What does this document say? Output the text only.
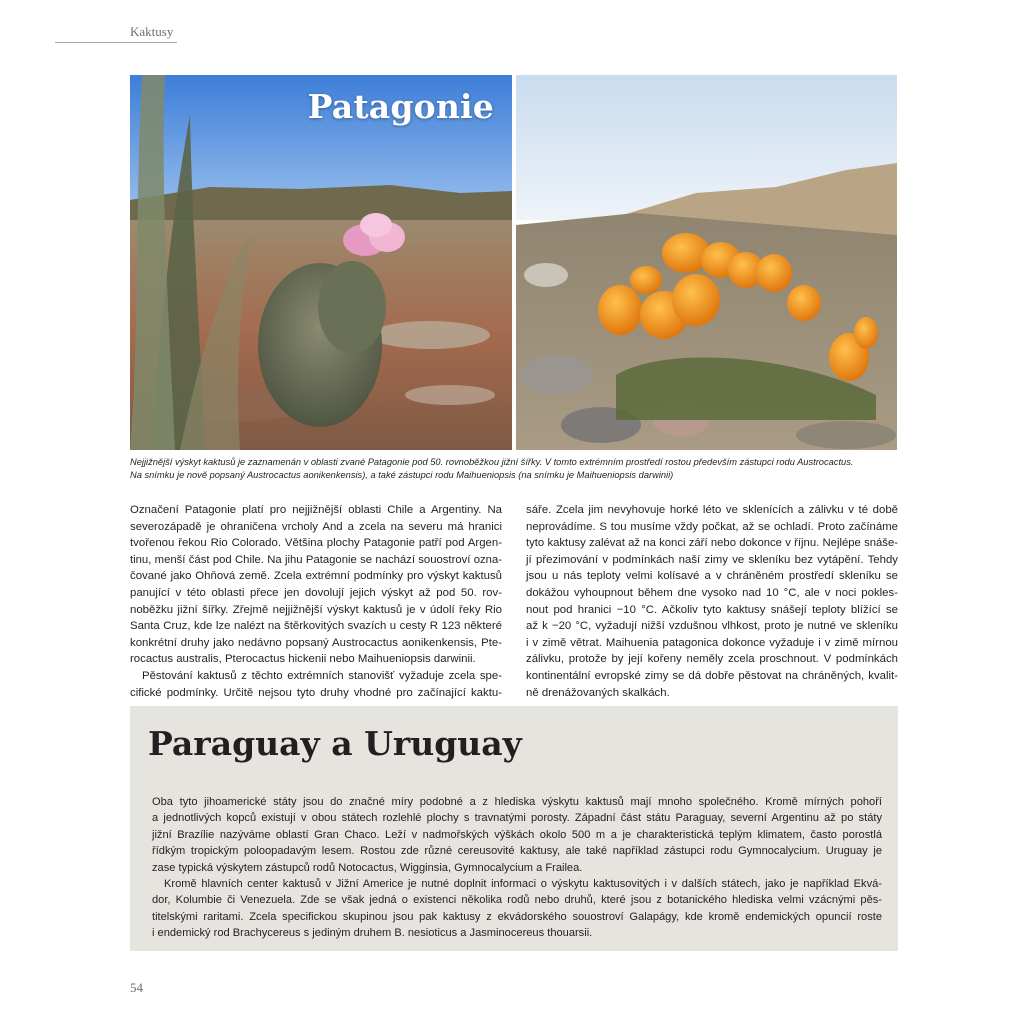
Kaktusy
Patagonie
Nejjižnější výskyt kaktusů je zaznamenán v oblasti zvané Patagonie pod 50. rovnoběžkou jižní šířky. V tomto extrémním prostředí rostou především zástupci rodu Austrocactus.
Na snímku je nově popsaný Austrocactus aonikenkensis), a také zástupci rodu Maihueniopsis (na snímku je Maihueniopsis darwinii)
Označení Patagonie platí pro nejjižnější oblasti Chile a Argentiny. Na
severozápadě je ohraničena vrcholy And a zcela na severu má hranici
tvořenou řekou Rio Colorado. Většina plochy Patagonie patří pod Argen-
tinu, menší část pod Chile. Na jihu Patagonie se nachází souostroví ozna-
čované jako Ohňová země. Zcela extrémní podmínky pro výskyt kaktusů
panující v této oblasti přece jen dovolují jejich výskyt až pod 50. rov-
noběžku jižní šířky. Zřejmě nejjižnější výskyt kaktusů je v údolí řeky Rio
Santa Cruz, kde lze nalézt na štěrkovitých svazích u cesty R 123 některé
konkrétní druhy jako nedávno popsaný Austrocactus aonikenkensis, Pte-
rocactus australis, Pterocactus hickenii nebo Maihueniopsis darwinii.
Pěstování kaktusů z těchto extrémních stanovišť vyžaduje zcela spe-
cifické podmínky. Určitě nejsou tyto druhy vhodné pro začínající kaktu-
sáře. Zcela jim nevyhovuje horké léto ve sklenících a zálivku v té době
neprovádíme. S tou musíme vždy počkat, až se ochladí. Proto začínáme
tyto kaktusy zalévat až na konci září nebo dokonce v říjnu. Nejlépe snáše-
jí přezimování v podmínkách naší zimy ve skleníku bez vytápění. Tehdy
jsou u nás teploty velmi kolísavé a v chráněném prostředí skleníku se
dokážou vyhoupnout během dne vysoko nad 10 °C, ale v noci pokles-
nout pod hranici −10 °C. Ačkoliv tyto kaktusy snášejí teploty blížící se
až k −20 °C, vyžadují nižší vzdušnou vlhkost, proto je nutné ve skleníku
i v zimě větrat. Maihuenia patagonica dokonce vyžaduje i v zimě mírnou
zálivku, protože by její kořeny neměly zcela proschnout. V podmínkách
kontinentální evropské zimy se dá dobře pěstovat na chráněných, kvalit-
ně drenážovaných skalkách.
Paraguay a Uruguay
Oba tyto jihoamerické státy jsou do značné míry podobné a z hlediska výskytu kaktusů mají mnoho společného. Kromě mírných pohoří
a jednotlivých kopců existují v obou státech rozlehlé plochy s travnatými porosty. Západní část státu Paraguay, severní Argentinu až po státy
jižní Brazílie nazýváme oblastí Gran Chaco. Leží v nadmořských výškách okolo 500 m a je charakteristická teplým klimatem, často porostlá
řídkým tropickým poloopadavým lesem. Rostou zde různé cereusovité kaktusy, ale také například zástupci rodu Gymnocalycium. Uruguay je
zase typická výskytem zástupců rodů Notocactus, Wigginsia, Gymnocalycium a Frailea.
Kromě hlavních center kaktusů v Jižní Americe je nutné doplnit informaci o výskytu kaktusovitých i v dalších státech, jako je například Ekvá-
dor, Kolumbie či Venezuela. Zde se však jedná o existenci několika rodů nebo druhů, které jsou z botanického hlediska velmi vzácnými pěs-
titelskými raritami. Zcela specifickou skupinou jsou pak kaktusy z ekvádorského souostroví Galapágy, kde kromě endemických opuncií roste
i endemický rod Brachycereus s jediným druhem B. nesioticus a Jasminocereus thouarsii.
54
